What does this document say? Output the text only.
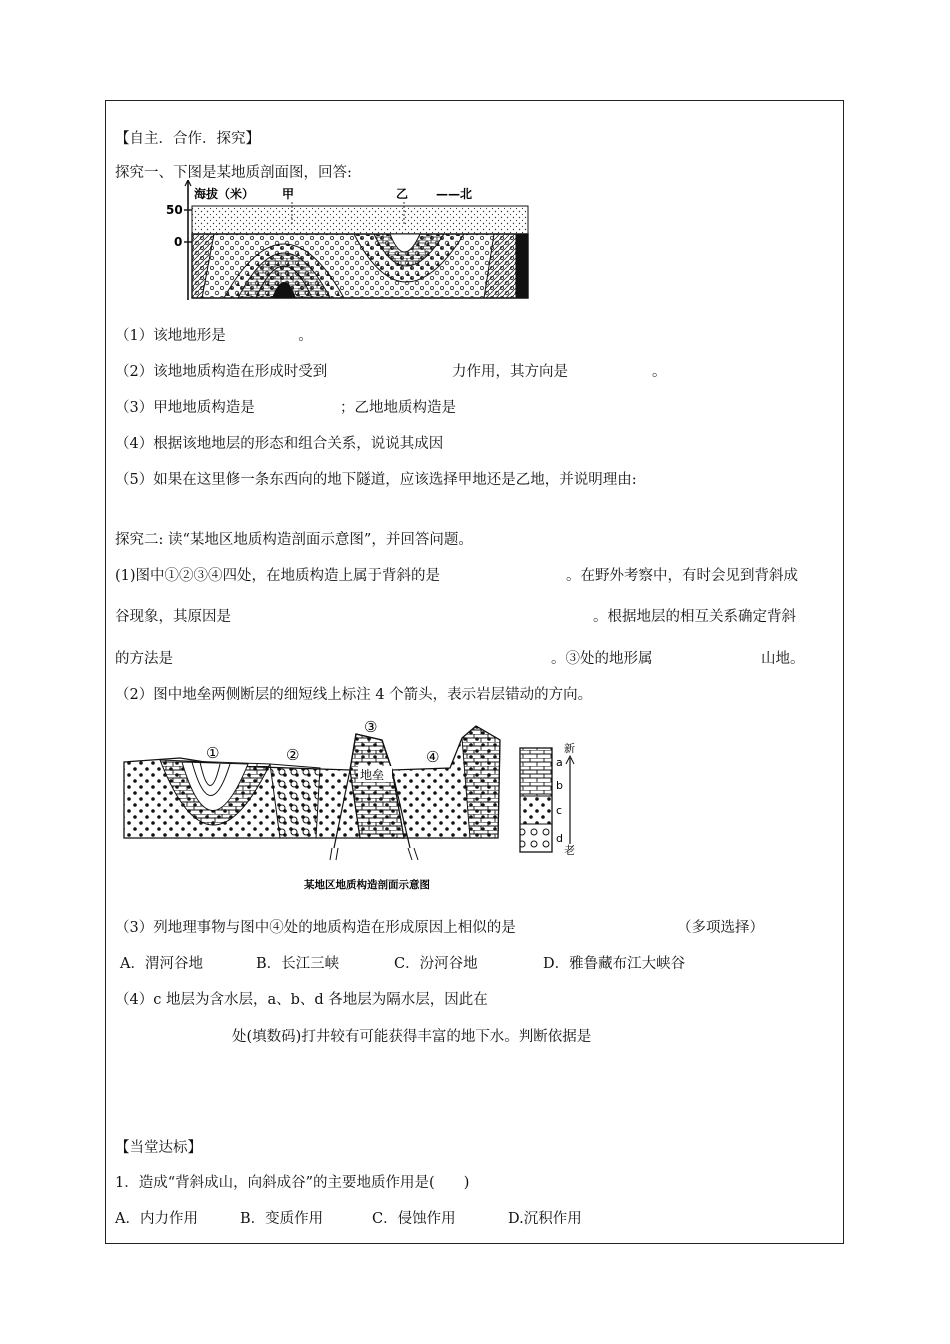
【自主．合作．探究】
探究一、下图是某地质剖面图，回答:
50
0
海拔（米） 甲	乙 ——北
（1）该地地形是　　　　　。
（2）该地地质构造在形成时受到	力作用，其方向是	。
（3）甲地地质构造是	；乙地地质构造是
（4）根据该地地层的形态和组合关系，说说其成因
（5）如果在这里修一条东西向的地下隧道，应该选择甲地还是乙地，并说明理由:
探究二: 读“某地区地质构造剖面示意图”，并回答问题。
(1)图中①②③④四处，在地质构造上属于背斜的是	。在野外考察中，有时会见到背斜成
谷现象，其原因是	。根据地层的相互关系确定背斜
的方法是	。③处的地形属	山地。
（2）图中地垒两侧断层的细短线上标注 4 个箭头，表示岩层错动的方向。
①	②
③
④
地垒
a
b
c
d
新
老
某地区地质构造剖面示意图
（3）列地理事物与图中④处的地质构造在形成原因上相似的是	（多项选择）
A．渭河谷地	B．长江三峡	C．汾河谷地	D．雅鲁藏布江大峡谷
（4）c 地层为含水层，a、b、d 各地层为隔水层，因此在
处(填数码)打井较有可能获得丰富的地下水。判断依据是
【当堂达标】
1．造成“背斜成山，向斜成谷”的主要地质作用是(　　)
A．内力作用	B．变质作用	C．侵蚀作用	D.沉积作用
